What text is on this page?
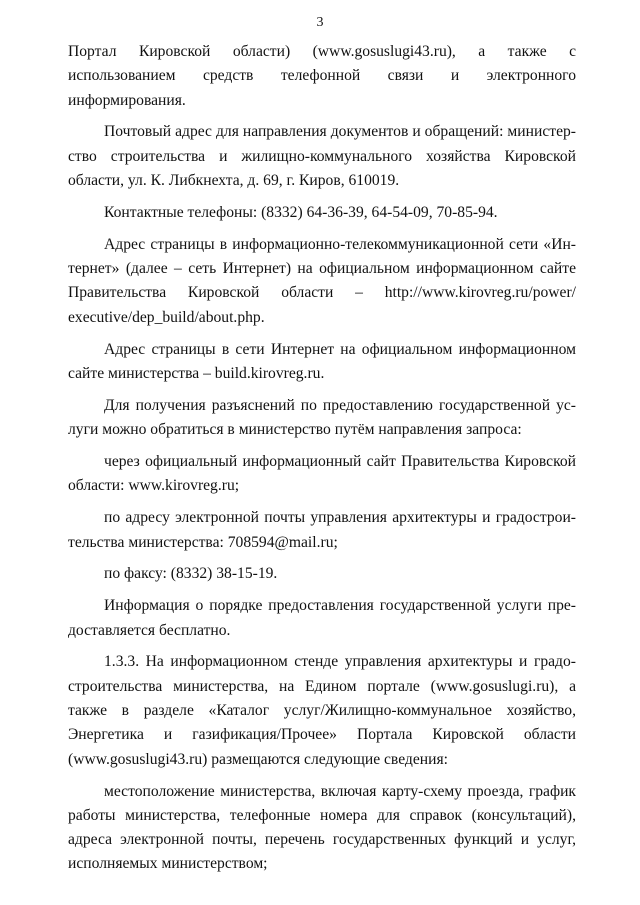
3

Портал Кировской области) (www.gosuslugi43.ru), а также с использованием средств телефонной связи и электронного информирования.

Почтовый адрес для направления документов и обращений: министерство строительства и жилищно-коммунального хозяйства Кировской области, ул. К. Либкнехта, д. 69, г. Киров, 610019.

Контактные телефоны: (8332) 64-36-39, 64-54-09, 70-85-94.

Адрес страницы в информационно-телекоммуникационной сети «Интернет» (далее – сеть Интернет) на официальном информационном сайте Правительства Кировской области – http://www.kirovreg.ru/power/ executive/dep_build/about.php.

Адрес страницы в сети Интернет на официальном информационном сайте министерства – build.kirovreg.ru.

Для получения разъяснений по предоставлению государственной услуги можно обратиться в министерство путём направления запроса:

через официальный информационный сайт Правительства Кировской области: www.kirovreg.ru;

по адресу электронной почты управления архитектуры и градостроительства министерства: 708594@mail.ru;

по факсу: (8332) 38-15-19.

Информация о порядке предоставления государственной услуги предоставляется бесплатно.

1.3.3. На информационном стенде управления архитектуры и градостроительства министерства, на Едином портале (www.gosuslugi.ru), а также в разделе «Каталог услуг/Жилищно-коммунальное хозяйство, Энергетика и газификация/Прочее» Портала Кировской области (www.gosuslugi43.ru) размещаются следующие сведения:

местоположение министерства, включая карту-схему проезда, график работы министерства, телефонные номера для справок (консультаций), адреса электронной почты, перечень государственных функций и услуг, исполняемых министерством;
